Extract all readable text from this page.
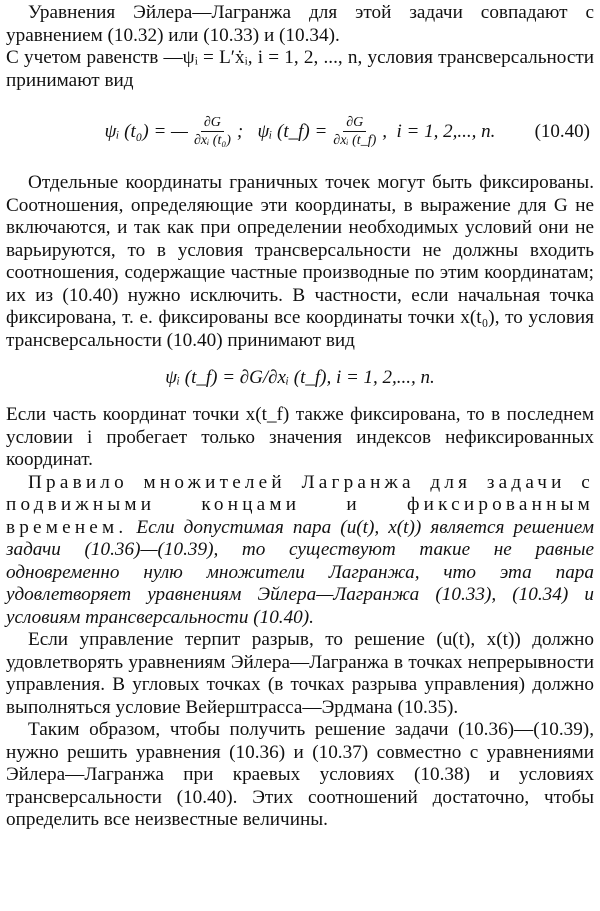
Уравнения Эйлера—Лагранжа для этой задачи совпадают с уравнением (10.32) или (10.33) и (10.34).

С учетом равенств —ψᵢ = L′ẋᵢ, i = 1, 2, ..., n, условия трансверсальности принимают вид

ψᵢ (t₀) = — $\frac{\partial G}{\text{∂xᵢ (t₀)}}$ ;   ψᵢ (t_f) = $\frac{\partial G}{\text{∂xᵢ (t\_f)}}$ ,  i = 1, 2,..., n. (10.40)

Отдельные координаты граничных точек могут быть фиксированы. Соотношения, определяющие эти координаты, в выражение для G не включаются, и так как при определении необходимых условий они не варьируются, то в условия трансверсальности не должны входить соотношения, содержащие частные производные по этим координатам; их из (10.40) нужно исключить. В частности, если начальная точка фиксирована, т. е. фиксированы все координаты точки x(t₀), то условия трансверсальности (10.40) принимают вид

ψᵢ (t_f) = ∂G/∂xᵢ (t_f), i = 1, 2,..., n.

Если часть координат точки x(t_f) также фиксирована, то в последнем условии i пробегает только значения индексов нефиксированных координат.

Правило множителей Лагранжа для задачи с подвижными концами и фиксированным временем. Если допустимая пара (u(t), x(t)) является решением задачи (10.36)—(10.39), то существуют такие не равные одновременно нулю множители Лагранжа, что эта пара удовлетворяет уравнениям Эйлера—Лагранжа (10.33), (10.34) и условиям трансверсальности (10.40).

Если управление терпит разрыв, то решение (u(t), x(t)) должно удовлетворять уравнениям Эйлера—Лагранжа в точках непрерывности управления. В угловых точках (в точках разрыва управления) должно выполняться условие Вейерштрасса—Эрдмана (10.35).

Таким образом, чтобы получить решение задачи (10.36)—(10.39), нужно решить уравнения (10.36) и (10.37) совместно с уравнениями Эйлера—Лагранжа при краевых условиях (10.38) и условиях трансверсальности (10.40). Этих соотношений достаточно, чтобы определить все неизвестные величины.
